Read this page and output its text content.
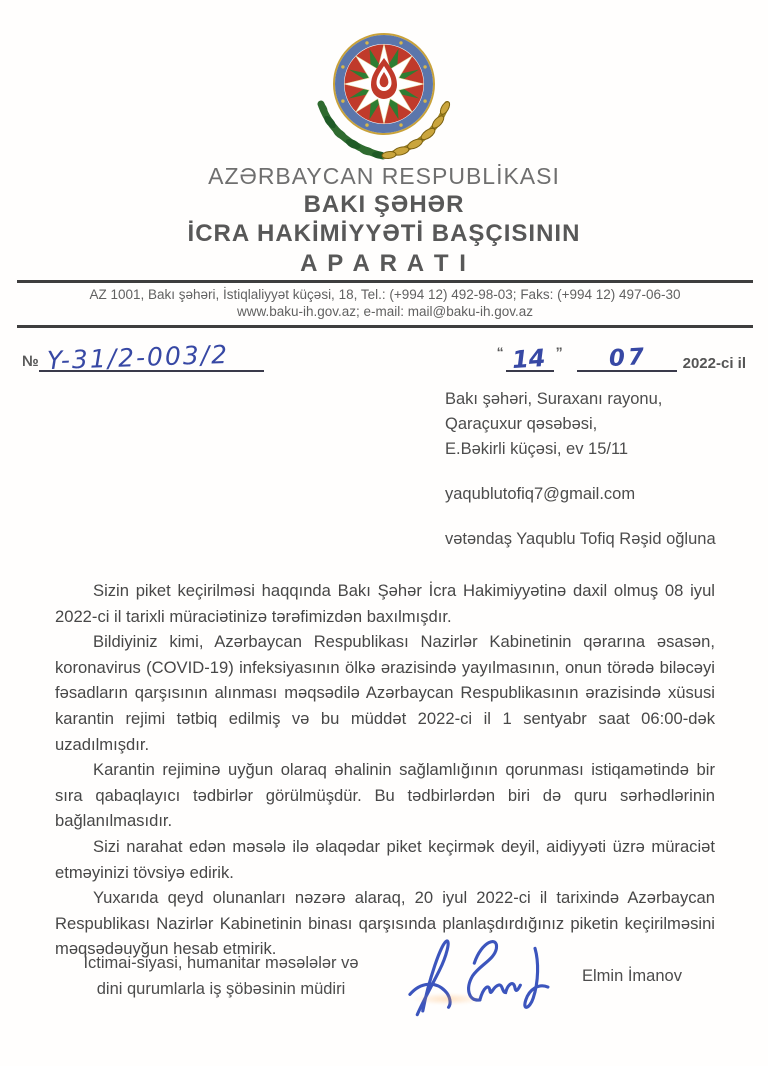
AZƏRBAYCAN RESPUBLİKASI
BAKI ŞƏHƏR
İCRA HAKİMİYYƏTİ BAŞÇISININ
A P A R A T I
AZ 1001, Bakı şəhəri, İstiqlaliyyət küçəsi, 18, Tel.: (+994 12) 492-98-03; Faks: (+994 12) 497-06-30
www.baku-ih.gov.az; e-mail: mail@baku-ih.gov.az
№ Y-31/2-003/2	“ 14 ” 07 2022-ci il
Bakı şəhəri, Suraxanı rayonu,
Qaraçuxur qəsəbəsi,
E.Bəkirli küçəsi, ev 15/11
yaqublutofiq7@gmail.com
vətəndaş Yaqublu Tofiq Rəşid oğluna

Sizin piket keçirilməsi haqqında Bakı Şəhər İcra Hakimiyyətinə daxil olmuş 08 iyul 2022-ci il tarixli müraciətinizə tərəfimizdən baxılmışdır.

Bildiyiniz kimi, Azərbaycan Respublikası Nazirlər Kabinetinin qərarına əsasən, koronavirus (COVID-19) infeksiyasının ölkə ərazisində yayılmasının, onun törədə biləcəyi fəsadların qarşısının alınması məqsədilə Azərbaycan Respublikasının ərazisində xüsusi karantin rejimi tətbiq edilmiş və bu müddət 2022-ci il 1 sentyabr saat 06:00-dək uzadılmışdır.

Karantin rejiminə uyğun olaraq əhalinin sağlamlığının qorunması istiqamətində bir sıra qabaqlayıcı tədbirlər görülmüşdür. Bu tədbirlərdən biri də quru sərhədlərinin bağlanılmasıdır.

Sizi narahat edən məsələ ilə əlaqədar piket keçirmək deyil, aidiyyəti üzrə müraciət etməyinizi tövsiyə edirik.

Yuxarıda qeyd olunanları nəzərə alaraq, 20 iyul 2022-ci il tarixində Azərbaycan Respublikası Nazirlər Kabinetinin binası qarşısında planlaşdırdığınız piketin keçirilməsini məqsədəuyğun hesab etmirik.

İctimai-siyasi, humanitar məsələlər və
dini qurumlarla iş şöbəsinin müdiri
Elmin İmanov
